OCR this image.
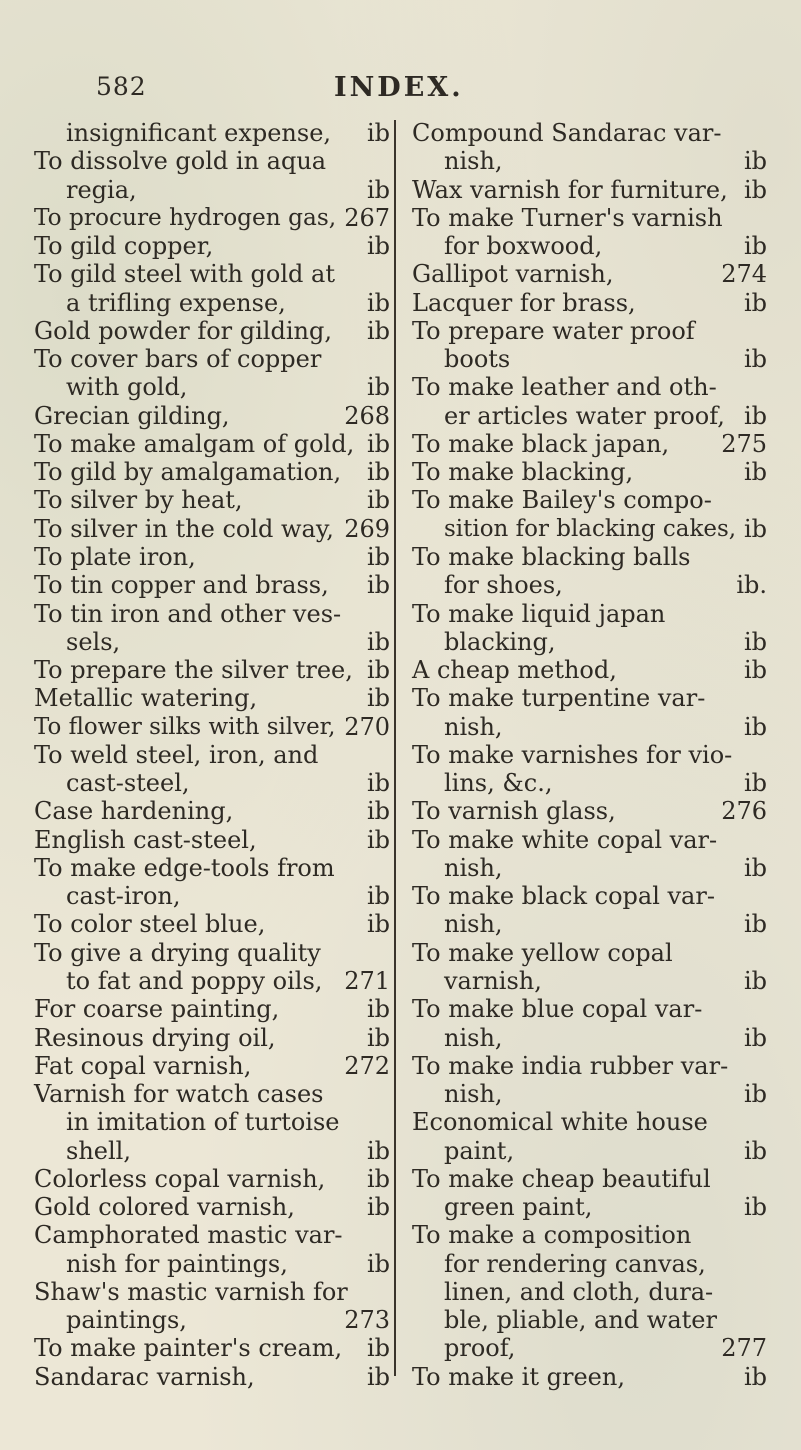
582	INDEX.
insignificant expense, ib
To dissolve gold in aqua
regia,	ib
To procure hydrogen gas, 267
To gild copper,	ib
To gild steel with gold at
a trifling expense,	ib
Gold powder for gilding, ib
To cover bars of copper
with gold,	ib
Grecian gilding,	268
To make amalgam of gold, ib
To gild by amalgamation, ib
To silver by heat,	ib
To silver in the cold way, 269
To plate iron,	ib
To tin copper and brass, ib
To tin iron and other ves-
sels,	ib
To prepare the silver tree, ib
Metallic watering,	ib
To flower silks with silver, 270
To weld steel, iron, and
cast-steel,	ib
Case hardening,	ib
English cast-steel,	ib
To make edge-tools from
cast-iron,	ib
To color steel blue,	ib
To give a drying quality
to fat and poppy oils, 271
For coarse painting,	ib
Resinous drying oil,	ib
Fat copal varnish,	272
Varnish for watch cases
in imitation of turtoise
shell,	ib
Colorless copal varnish, ib
Gold colored varnish,	ib
Camphorated mastic var-
nish for paintings,	ib
Shaw's mastic varnish for
paintings,	273
To make painter's cream, ib
Sandarac varnish,	ib
Compound Sandarac var-
nish,	ib
Wax varnish for furniture, ib
To make Turner's varnish
for boxwood,	ib
Gallipot varnish,	274
Lacquer for brass,	ib
To prepare water proof
boots	ib
To make leather and oth-
er articles water proof, ib
To make black japan, 275
To make blacking,	ib
To make Bailey's compo-
sition for blacking cakes, ib
To make blacking balls
for shoes,	ib.
To make liquid japan
blacking,	ib
A cheap method,	ib
To make turpentine var-
nish,	ib
To make varnishes for vio-
lins, &c.,	ib
To varnish glass,	276
To make white copal var-
nish,	ib
To make black copal var-
nish,	ib
To make yellow copal
varnish,	ib
To make blue copal var-
nish,	ib
To make india rubber var-
nish,	ib
Economical white house
paint,	ib
To make cheap beautiful
green paint,	ib
To make a composition
for rendering canvas,
linen, and cloth, dura-
ble, pliable, and water
proof,	277
To make it green,	ib
